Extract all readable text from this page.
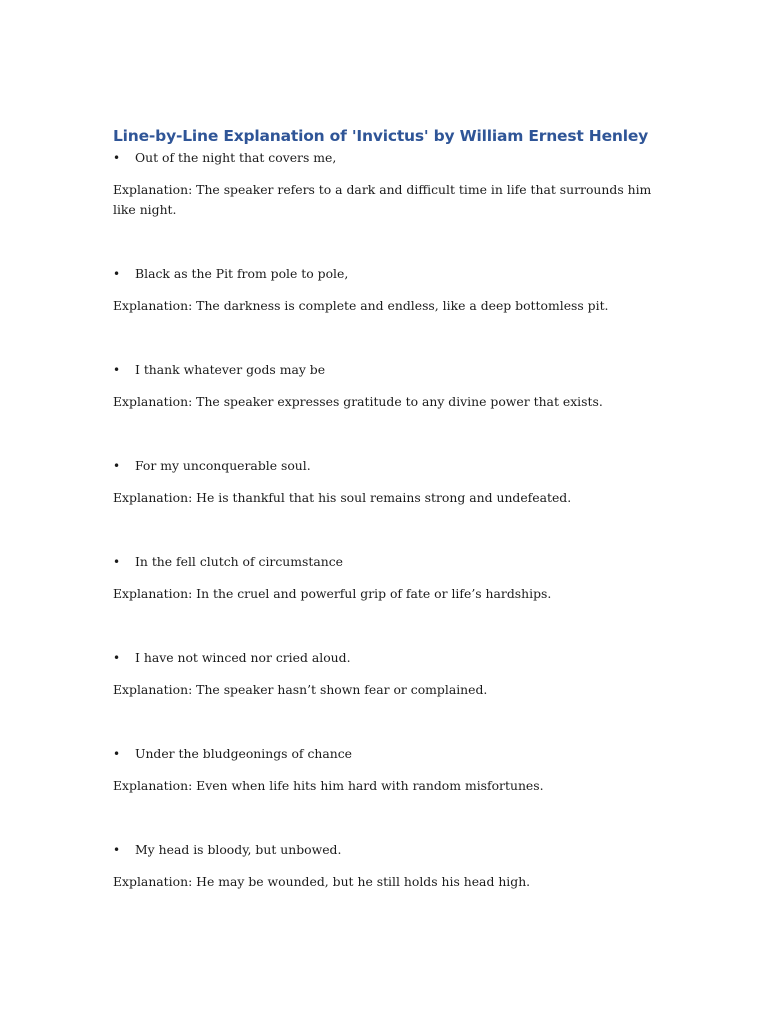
Line-by-Line Explanation of 'Invictus' by William Ernest Henley
•	Out of the night that covers me,

Explanation: The speaker refers to a dark and difficult time in life that surrounds him like night.

•	Black as the Pit from pole to pole,

Explanation: The darkness is complete and endless, like a deep bottomless pit.

•	I thank whatever gods may be

Explanation: The speaker expresses gratitude to any divine power that exists.

•	For my unconquerable soul.

Explanation: He is thankful that his soul remains strong and undefeated.

•	In the fell clutch of circumstance

Explanation: In the cruel and powerful grip of fate or life’s hardships.

•	I have not winced nor cried aloud.

Explanation: The speaker hasn’t shown fear or complained.

•	Under the bludgeonings of chance

Explanation: Even when life hits him hard with random misfortunes.

•	My head is bloody, but unbowed.

Explanation: He may be wounded, but he still holds his head high.
